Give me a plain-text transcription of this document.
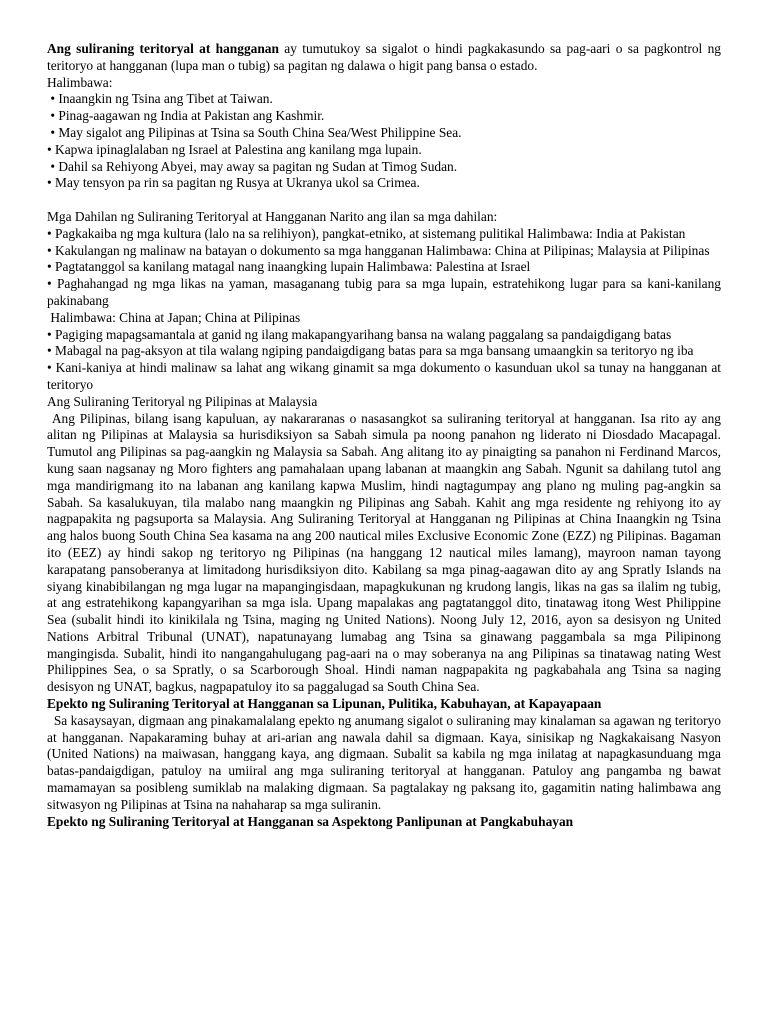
Ang suliraning teritoryal at hangganan ay tumutukoy sa sigalot o hindi pagkakasundo sa pag-aari o sa pagkontrol ng teritoryo at hangganan (lupa man o tubig) sa pagitan ng dalawa o higit pang bansa o estado.

Halimbawa:

• Inaangkin ng Tsina ang Tibet at Taiwan.

• Pinag-aagawan ng India at Pakistan ang Kashmir.

• May sigalot ang Pilipinas at Tsina sa South China Sea/West Philippine Sea.

• Kapwa ipinaglalaban ng Israel at Palestina ang kanilang mga lupain.

• Dahil sa Rehiyong Abyei, may away sa pagitan ng Sudan at Timog Sudan.

• May tensyon pa rin sa pagitan ng Rusya at Ukranya ukol sa Crimea.

Mga Dahilan ng Suliraning Teritoryal at Hangganan Narito ang ilan sa mga dahilan:

• Pagkakaiba ng mga kultura (lalo na sa relihiyon), pangkat-etniko, at sistemang pulitikal Halimbawa: India at Pakistan

• Kakulangan ng malinaw na batayan o dokumento sa mga hangganan Halimbawa: China at Pilipinas; Malaysia at Pilipinas

• Pagtatanggol sa kanilang matagal nang inaangking lupain Halimbawa: Palestina at Israel

• Paghahangad ng mga likas na yaman, masaganang tubig para sa mga lupain, estratehikong lugar para sa kani-kanilang pakinabang

Halimbawa: China at Japan; China at Pilipinas

• Pagiging mapagsamantala at ganid ng ilang makapangyarihang bansa na walang paggalang sa pandaigdigang batas

• Mabagal na pag-aksyon at tila walang ngiping pandaigdigang batas para sa mga bansang umaangkin sa teritoryo ng iba

• Kani-kaniya at hindi malinaw sa lahat ang wikang ginamit sa mga dokumento o kasunduan ukol sa tunay na hangganan at teritoryo

Ang Suliraning Teritoryal ng Pilipinas at Malaysia

Ang Pilipinas, bilang isang kapuluan, ay nakararanas o nasasangkot sa suliraning teritoryal at hangganan. Isa rito ay ang alitan ng Pilipinas at Malaysia sa hurisdiksiyon sa Sabah simula pa noong panahon ng liderato ni Diosdado Macapagal. Tumutol ang Pilipinas sa pag-aangkin ng Malaysia sa Sabah. Ang alitang ito ay pinaigting sa panahon ni Ferdinand Marcos, kung saan nagsanay ng Moro fighters ang pamahalaan upang labanan at maangkin ang Sabah. Ngunit sa dahilang tutol ang mga mandirigmang ito na labanan ang kanilang kapwa Muslim, hindi nagtagumpay ang plano ng muling pag-angkin sa Sabah. Sa kasalukuyan, tila malabo nang maangkin ng Pilipinas ang Sabah. Kahit ang mga residente ng rehiyong ito ay nagpapakita ng pagsuporta sa Malaysia. Ang Suliraning Teritoryal at Hangganan ng Pilipinas at China Inaangkin ng Tsina ang halos buong South China Sea kasama na ang 200 nautical miles Exclusive Economic Zone (EZZ) ng Pilipinas. Bagaman ito (EEZ) ay hindi sakop ng teritoryo ng Pilipinas (na hanggang 12 nautical miles lamang), mayroon naman tayong karapatang pansoberanya at limitadong hurisdiksiyon dito. Kabilang sa mga pinag-aagawan dito ay ang Spratly Islands na siyang kinabibilangan ng mga lugar na mapangingisdaan, mapagkukunan ng krudong langis, likas na gas sa ilalim ng tubig, at ang estratehikong kapangyarihan sa mga isla. Upang mapalakas ang pagtatanggol dito, tinatawag itong West Philippine Sea (subalit hindi ito kinikilala ng Tsina, maging ng United Nations). Noong July 12, 2016, ayon sa desisyon ng United Nations Arbitral Tribunal (UNAT), napatunayang lumabag ang Tsina sa ginawang paggambala sa mga Pilipinong mangingisda. Subalit, hindi ito nangangahulugang pag-aari na o may soberanya na ang Pilipinas sa tinatawag nating West Philippines Sea, o sa Spratly, o sa Scarborough Shoal. Hindi naman nagpapakita ng pagkabahala ang Tsina sa naging desisyon ng UNAT, bagkus, nagpapatuloy ito sa paggalugad sa South China Sea.

Epekto ng Suliraning Teritoryal at Hangganan sa Lipunan, Pulitika, Kabuhayan, at Kapayapaan

Sa kasaysayan, digmaan ang pinakamalalang epekto ng anumang sigalot o suliraning may kinalaman sa agawan ng teritoryo at hangganan. Napakaraming buhay at ari-arian ang nawala dahil sa digmaan. Kaya, sinisikap ng Nagkakaisang Nasyon (United Nations) na maiwasan, hanggang kaya, ang digmaan. Subalit sa kabila ng mga inilatag at napagkasunduang mga batas-pandaigdigan, patuloy na umiiral ang mga suliraning teritoryal at hangganan. Patuloy ang pangamba ng bawat mamamayan sa posibleng sumiklab na malaking digmaan. Sa pagtalakay ng paksang ito, gagamitin nating halimbawa ang sitwasyon ng Pilipinas at Tsina na nahaharap sa mga suliranin.

Epekto ng Suliraning Teritoryal at Hangganan sa Aspektong Panlipunan at Pangkabuhayan
